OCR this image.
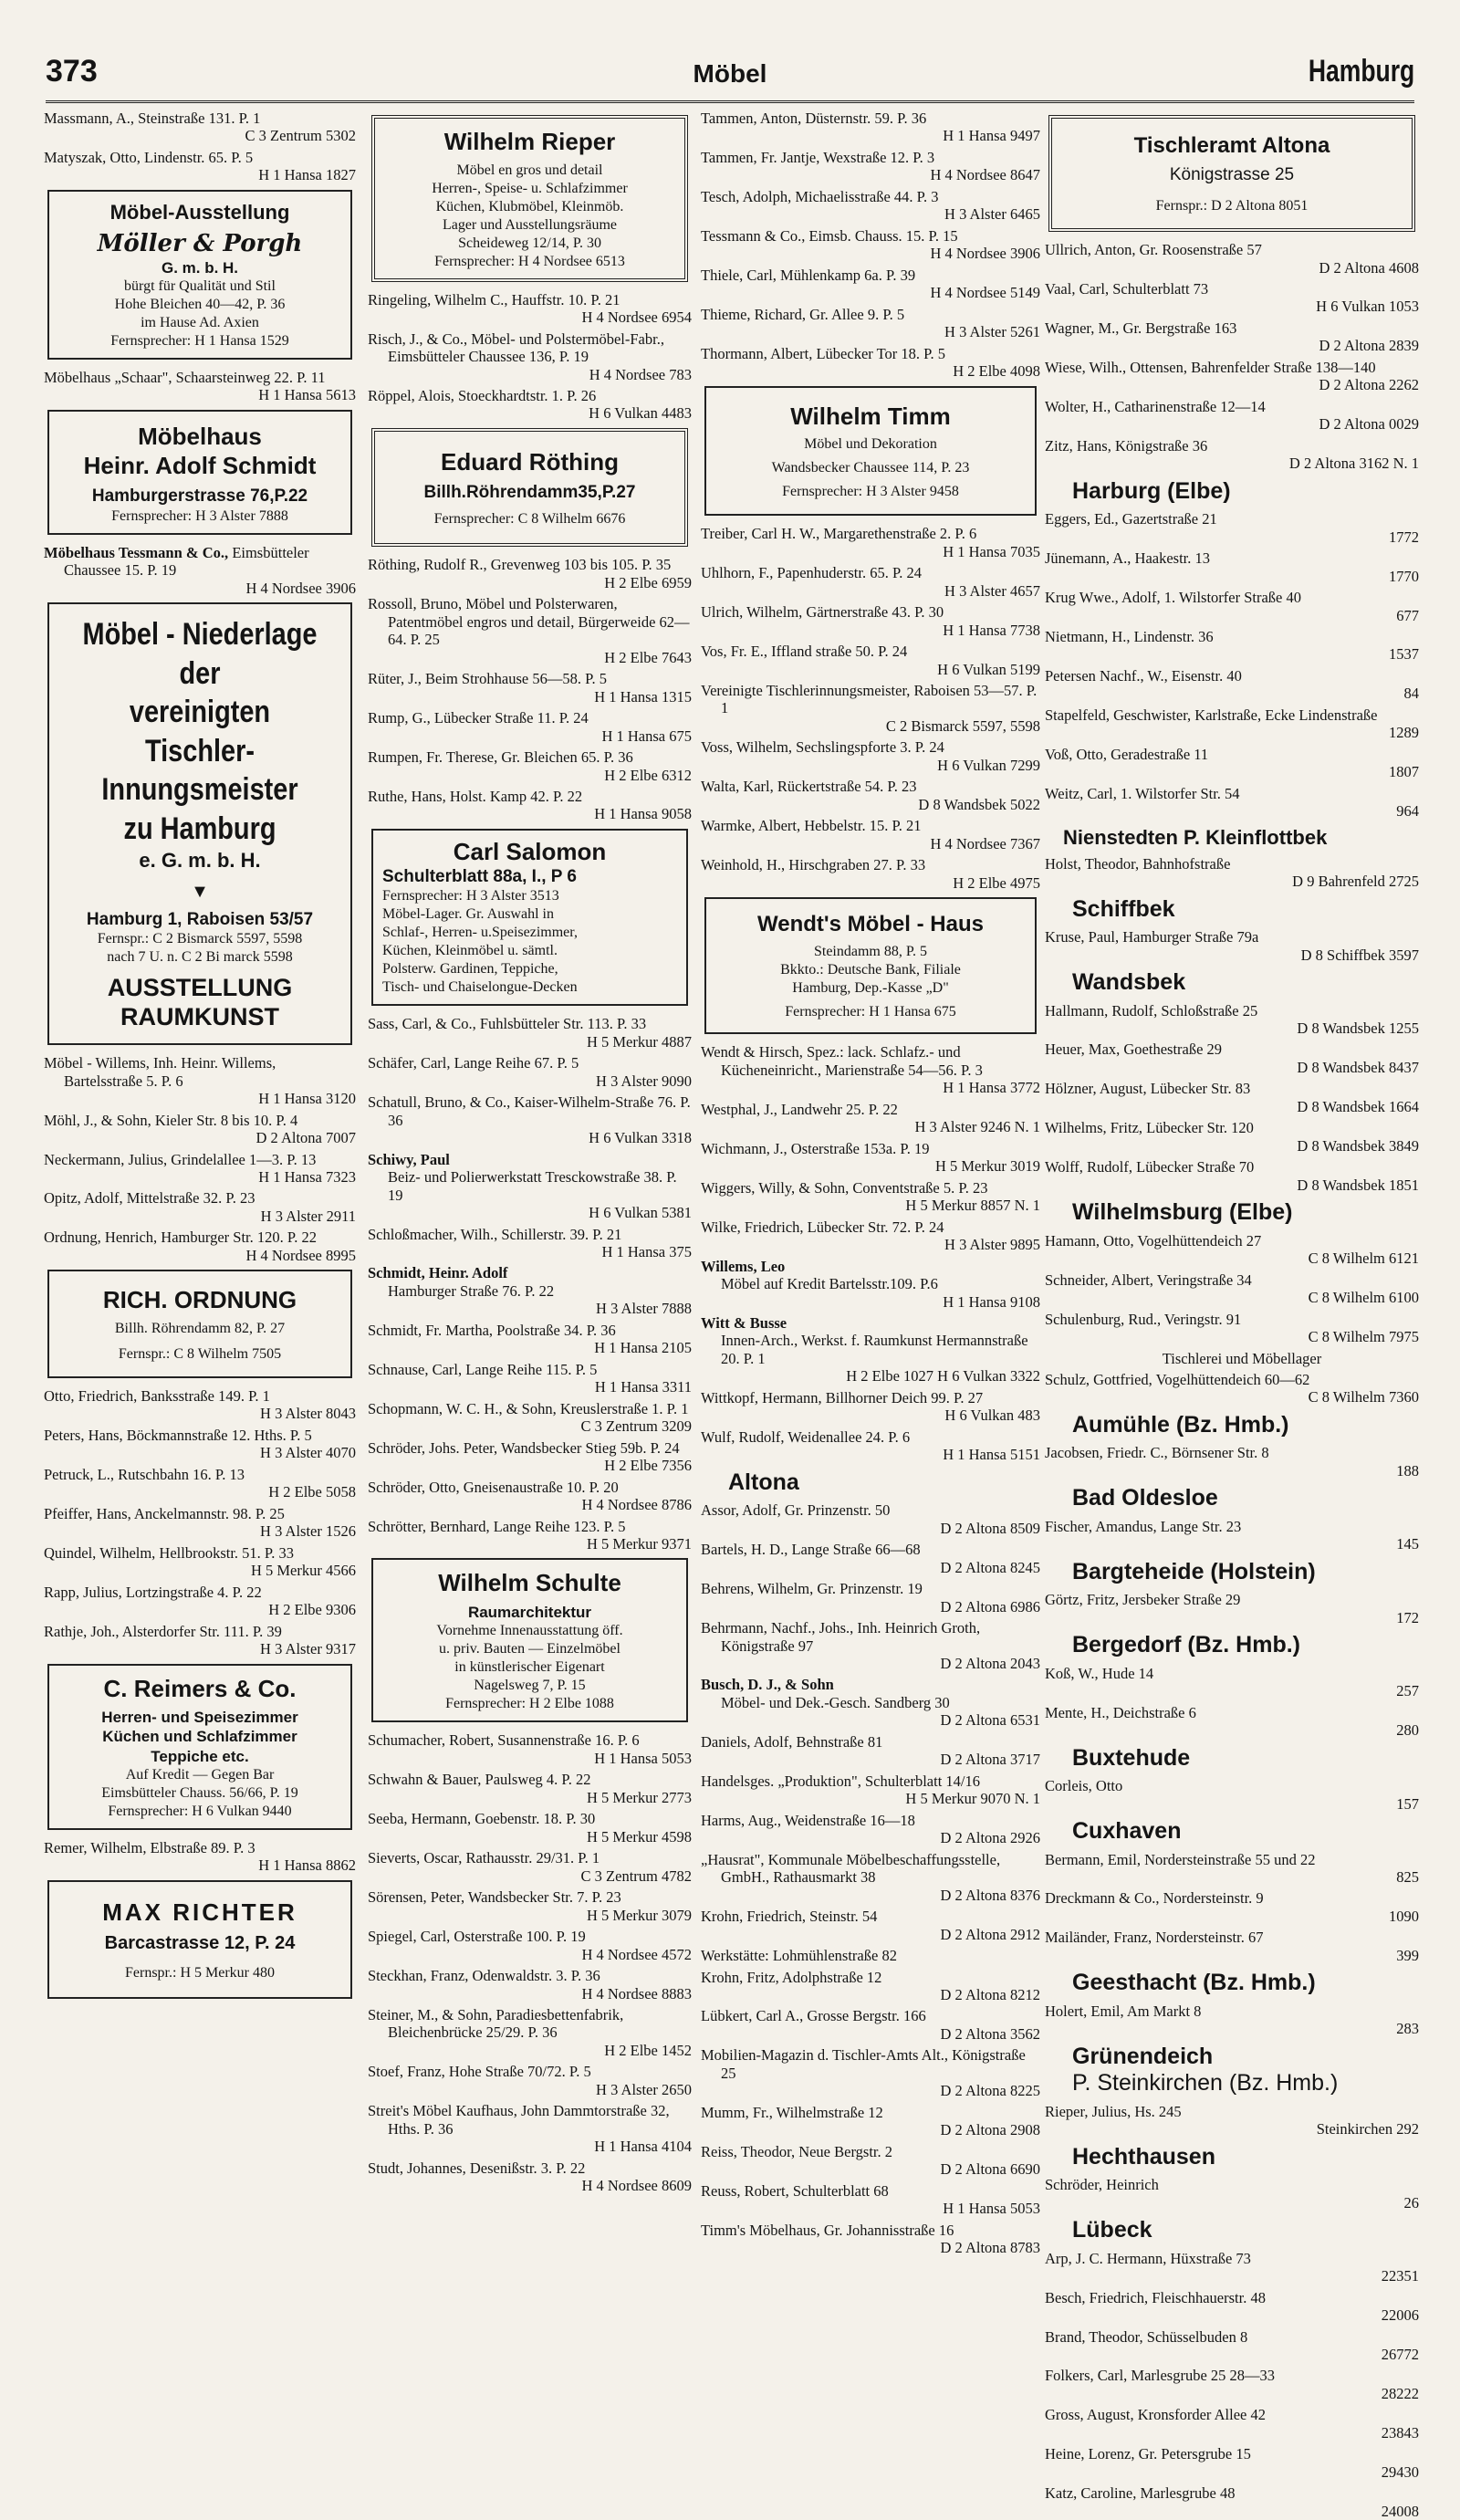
373	Möbel	Hamburg
Massmann, A., Steinstraße 131. P. 1
C 3 Zentrum 5302
Matyszak, Otto, Lindenstr. 65. P. 5
H 1 Hansa 1827
Möbel-Ausstellung
Möller & Porgh
G. m. b. H.
bürgt für Qualität und Stil
Hohe Bleichen 40—42, P. 36
im Hause Ad. Axien
Fernsprecher: H 1 Hansa 1529
Möbelhaus „Schaar", Schaarsteinweg 22. P. 11
H 1 Hansa 5613
Möbelhaus
Heinr. Adolf Schmidt
Hamburgerstrasse 76,P.22
Fernsprecher: H 3 Alster 7888
Möbelhaus Tessmann & Co., Eimsbütteler Chaussee 15. P. 19
H 4 Nordsee 3906
Möbel - Niederlage der
vereinigten Tischler-
Innungsmeister
zu Hamburg
e. G. m. b. H.
▼
Hamburg 1, Raboisen 53/57
Fernspr.: C 2 Bismarck 5597, 5598
nach 7 U. n. C 2 Bi marck 5598
AUSSTELLUNG
RAUMKUNST
Möbel - Willems, Inh. Heinr. Willems, Bartelsstraße 5. P. 6
H 1 Hansa 3120
Möhl, J., & Sohn, Kieler Str. 8 bis 10. P. 4
D 2 Altona 7007
Neckermann, Julius, Grindelallee 1—3. P. 13
H 1 Hansa 7323
Opitz, Adolf, Mittelstraße 32. P. 23
H 3 Alster 2911
Ordnung, Henrich, Hamburger Str. 120. P. 22
H 4 Nordsee 8995
RICH. ORDNUNG
Billh. Röhrendamm 82, P. 27
Fernspr.: C 8 Wilhelm 7505
Otto, Friedrich, Banksstraße 149. P. 1
H 3 Alster 8043
Peters, Hans, Böckmannstraße 12. Hths. P. 5
H 3 Alster 4070
Petruck, L., Rutschbahn 16. P. 13
H 2 Elbe 5058
Pfeiffer, Hans, Anckelmannstr. 98. P. 25
H 3 Alster 1526
Quindel, Wilhelm, Hellbrookstr. 51. P. 33
H 5 Merkur 4566
Rapp, Julius, Lortzingstraße 4. P. 22
H 2 Elbe 9306
Rathje, Joh., Alsterdorfer Str. 111. P. 39
H 3 Alster 9317
C. Reimers & Co.
Herren- und Speisezimmer
Küchen und Schlafzimmer
Teppiche etc.
Auf Kredit — Gegen Bar
Eimsbütteler Chauss. 56/66, P. 19
Fernsprecher: H 6 Vulkan 9440
Remer, Wilhelm, Elbstraße 89. P. 3
H 1 Hansa 8862
MAX RICHTER
Barcastrasse 12, P. 24
Fernspr.: H 5 Merkur 480
Wilhelm Rieper
Möbel en gros und detail
Herren-, Speise- u. Schlafzimmer
Küchen, Klubmöbel, Kleinmöb.
Lager und Ausstellungsräume
Scheideweg 12/14, P. 30
Fernsprecher: H 4 Nordsee 6513
Ringeling, Wilhelm C., Hauffstr. 10. P. 21
H 4 Nordsee 6954
Risch, J., & Co., Möbel- und Polstermöbel-Fabr., Eimsbütteler Chaussee 136, P. 19
H 4 Nordsee 783
Röppel, Alois, Stoeckhardtstr. 1. P. 26
H 6 Vulkan 4483
Eduard Röthing
Billh.Röhrendamm35,P.27
Fernsprecher: C 8 Wilhelm 6676
Röthing, Rudolf R., Grevenweg 103 bis 105. P. 35
H 2 Elbe 6959
Rossoll, Bruno, Möbel und Polsterwaren, Patentmöbel engros und detail, Bürgerweide 62—64. P. 25
H 2 Elbe 7643
Rüter, J., Beim Strohhause 56—58. P. 5
H 1 Hansa 1315
Rump, G., Lübecker Straße 11. P. 24
H 1 Hansa 675
Rumpen, Fr. Therese, Gr. Bleichen 65. P. 36
H 2 Elbe 6312
Ruthe, Hans, Holst. Kamp 42. P. 22
H 1 Hansa 9058
Carl Salomon
Schulterblatt 88a, I., P 6
Fernsprecher: H 3 Alster 3513
Möbel-Lager. Gr. Auswahl in
Schlaf-, Herren- u.Speisezimmer,
Küchen, Kleinmöbel u. sämtl.
Polsterw. Gardinen, Teppiche,
Tisch- und Chaiselongue-Decken
Sass, Carl, & Co., Fuhlsbütteler Str. 113. P. 33
H 5 Merkur 4887
Schäfer, Carl, Lange Reihe 67. P. 5
H 3 Alster 9090
Schatull, Bruno, & Co., Kaiser-Wilhelm-Straße 76. P. 36
H 6 Vulkan 3318
Schiwy, Paul
Beiz- und Polierwerkstatt Tresckowstraße 38. P. 19
H 6 Vulkan 5381
Schloßmacher, Wilh., Schillerstr. 39. P. 21
H 1 Hansa 375
Schmidt, Heinr. Adolf
Hamburger Straße 76. P. 22
H 3 Alster 7888
Schmidt, Fr. Martha, Poolstraße 34. P. 36
H 1 Hansa 2105
Schnause, Carl, Lange Reihe 115. P. 5
H 1 Hansa 3311
Schopmann, W. C. H., & Sohn, Kreuslerstraße 1. P. 1
C 3 Zentrum 3209
Schröder, Johs. Peter, Wandsbecker Stieg 59b. P. 24
H 2 Elbe 7356
Schröder, Otto, Gneisenaustraße 10. P. 20
H 4 Nordsee 8786
Schrötter, Bernhard, Lange Reihe 123. P. 5
H 5 Merkur 9371
Wilhelm Schulte
Raumarchitektur
Vornehme Innenausstattung öff.
u. priv. Bauten — Einzelmöbel
in künstlerischer Eigenart
Nagelsweg 7, P. 15
Fernsprecher: H 2 Elbe 1088
Schumacher, Robert, Susannenstraße 16. P. 6
H 1 Hansa 5053
Schwahn & Bauer, Paulsweg 4. P. 22
H 5 Merkur 2773
Seeba, Hermann, Goebenstr. 18. P. 30
H 5 Merkur 4598
Sieverts, Oscar, Rathausstr. 29/31. P. 1
C 3 Zentrum 4782
Sörensen, Peter, Wandsbecker Str. 7. P. 23
H 5 Merkur 3079
Spiegel, Carl, Osterstraße 100. P. 19
H 4 Nordsee 4572
Steckhan, Franz, Odenwaldstr. 3. P. 36
H 4 Nordsee 8883
Steiner, M., & Sohn, Paradiesbettenfabrik, Bleichenbrücke 25/29. P. 36
H 2 Elbe 1452
Stoef, Franz, Hohe Straße 70/72. P. 5
H 3 Alster 2650
Streit's Möbel Kaufhaus, John Dammtorstraße 32, Hths. P. 36
H 1 Hansa 4104
Studt, Johannes, Desenißstr. 3. P. 22
H 4 Nordsee 8609
Tammen, Anton, Düsternstr. 59. P. 36
H 1 Hansa 9497
Tammen, Fr. Jantje, Wexstraße 12. P. 3
H 4 Nordsee 8647
Tesch, Adolph, Michaelisstraße 44. P. 3
H 3 Alster 6465
Tessmann & Co., Eimsb. Chauss. 15. P. 15
H 4 Nordsee 3906
Thiele, Carl, Mühlenkamp 6a. P. 39
H 4 Nordsee 5149
Thieme, Richard, Gr. Allee 9. P. 5
H 3 Alster 5261
Thormann, Albert, Lübecker Tor 18. P. 5
H 2 Elbe 4098
Wilhelm Timm
Möbel und Dekoration
Wandsbecker Chaussee 114, P. 23
Fernsprecher: H 3 Alster 9458
Treiber, Carl H. W., Margarethenstraße 2. P. 6
H 1 Hansa 7035
Uhlhorn, F., Papenhuderstr. 65. P. 24
H 3 Alster 4657
Ulrich, Wilhelm, Gärtnerstraße 43. P. 30
H 1 Hansa 7738
Vos, Fr. E., Iffland straße 50. P. 24
H 6 Vulkan 5199
Vereinigte Tischlerinnungsmeister, Raboisen 53—57. P. 1
C 2 Bismarck 5597, 5598
Voss, Wilhelm, Sechslingspforte 3. P. 24
H 6 Vulkan 7299
Walta, Karl, Rückertstraße 54. P. 23
D 8 Wandsbek 5022
Warmke, Albert, Hebbelstr. 15. P. 21
H 4 Nordsee 7367
Weinhold, H., Hirschgraben 27. P. 33
H 2 Elbe 4975
Wendt's Möbel - Haus
Steindamm 88, P. 5
Bkkto.: Deutsche Bank, Filiale
Hamburg, Dep.-Kasse „D"
Fernsprecher: H 1 Hansa 675
Wendt & Hirsch, Spez.: lack. Schlafz.- und Kücheneinricht., Marienstraße 54—56. P. 3
H 1 Hansa 3772
Westphal, J., Landwehr 25. P. 22
H 3 Alster 9246 N. 1
Wichmann, J., Osterstraße 153a. P. 19
H 5 Merkur 3019
Wiggers, Willy, & Sohn, Conventstraße 5. P. 23
H 5 Merkur 8857 N. 1
Wilke, Friedrich, Lübecker Str. 72. P. 24
H 3 Alster 9895
Willems, Leo
Möbel auf Kredit Bartelsstr.109. P.6
H 1 Hansa 9108
Witt & Busse
Innen-Arch., Werkst. f. Raumkunst Hermannstraße 20. P. 1
H 2 Elbe 1027 H 6 Vulkan 3322
Wittkopf, Hermann, Billhorner Deich 99. P. 27
H 6 Vulkan 483
Wulf, Rudolf, Weidenallee 24. P. 6
H 1 Hansa 5151
Altona
Assor, Adolf, Gr. Prinzenstr. 50
D 2 Altona 8509
Bartels, H. D., Lange Straße 66—68
D 2 Altona 8245
Behrens, Wilhelm, Gr. Prinzenstr. 19
D 2 Altona 6986
Behrmann, Nachf., Johs., Inh. Heinrich Groth, Königstraße 97
D 2 Altona 2043
Busch, D. J., & Sohn
Möbel- und Dek.-Gesch. Sandberg 30
D 2 Altona 6531
Daniels, Adolf, Behnstraße 81
D 2 Altona 3717
Handelsges. „Produktion", Schulterblatt 14/16
H 5 Merkur 9070 N. 1
Harms, Aug., Weidenstraße 16—18
D 2 Altona 2926
„Hausrat", Kommunale Möbelbeschaffungsstelle, GmbH., Rathausmarkt 38
D 2 Altona 8376
Krohn, Friedrich, Steinstr. 54
D 2 Altona 2912
Werkstätte: Lohmühlenstraße 82
Krohn, Fritz, Adolphstraße 12
D 2 Altona 8212
Lübkert, Carl A., Grosse Bergstr. 166
D 2 Altona 3562
Mobilien-Magazin d. Tischler-Amts Alt., Königstraße 25
D 2 Altona 8225
Mumm, Fr., Wilhelmstraße 12
D 2 Altona 2908
Reiss, Theodor, Neue Bergstr. 2
D 2 Altona 6690
Reuss, Robert, Schulterblatt 68
H 1 Hansa 5053
Timm's Möbelhaus, Gr. Johannisstraße 16
D 2 Altona 8783
Tischleramt Altona
Königstrasse 25
Fernspr.: D 2 Altona 8051
Ullrich, Anton, Gr. Roosenstraße 57
D 2 Altona 4608
Vaal, Carl, Schulterblatt 73
H 6 Vulkan 1053
Wagner, M., Gr. Bergstraße 163
D 2 Altona 2839
Wiese, Wilh., Ottensen, Bahrenfelder Straße 138—140
D 2 Altona 2262
Wolter, H., Catharinenstraße 12—14
D 2 Altona 0029
Zitz, Hans, Königstraße 36
D 2 Altona 3162 N. 1
Harburg (Elbe)
Eggers, Ed., Gazertstraße 21
1772
Jünemann, A., Haakestr. 13
1770
Krug Wwe., Adolf, 1. Wilstorfer Straße 40
677
Nietmann, H., Lindenstr. 36
1537
Petersen Nachf., W., Eisenstr. 40
84
Stapelfeld, Geschwister, Karlstraße, Ecke Lindenstraße
1289
Voß, Otto, Geradestraße 11
1807
Weitz, Carl, 1. Wilstorfer Str. 54
964
Nienstedten P. Kleinflottbek
Holst, Theodor, Bahnhofstraße
D 9 Bahrenfeld 2725
Schiffbek
Kruse, Paul, Hamburger Straße 79a
D 8 Schiffbek 3597
Wandsbek
Hallmann, Rudolf, Schloßstraße 25
D 8 Wandsbek 1255
Heuer, Max, Goethestraße 29
D 8 Wandsbek 8437
Hölzner, August, Lübecker Str. 83
D 8 Wandsbek 1664
Wilhelms, Fritz, Lübecker Str. 120
D 8 Wandsbek 3849
Wolff, Rudolf, Lübecker Straße 70
D 8 Wandsbek 1851
Wilhelmsburg (Elbe)
Hamann, Otto, Vogelhüttendeich 27
C 8 Wilhelm 6121
Schneider, Albert, Veringstraße 34
C 8 Wilhelm 6100
Schulenburg, Rud., Veringstr. 91
C 8 Wilhelm 7975
Tischlerei und Möbellager
Schulz, Gottfried, Vogelhüttendeich 60—62
C 8 Wilhelm 7360
Aumühle (Bz. Hmb.)
Jacobsen, Friedr. C., Börnsener Str. 8
188
Bad Oldesloe
Fischer, Amandus, Lange Str. 23
145
Bargteheide (Holstein)
Görtz, Fritz, Jersbeker Straße 29
172
Bergedorf (Bz. Hmb.)
Koß, W., Hude 14
257
Mente, H., Deichstraße 6
280
Buxtehude
Corleis, Otto
157
Cuxhaven
Bermann, Emil, Nordersteinstraße 55 und 22
825
Dreckmann & Co., Nordersteinstr. 9
1090
Mailänder, Franz, Nordersteinstr. 67
399
Geesthacht (Bz. Hmb.)
Holert, Emil, Am Markt 8
283
Grünendeich
P. Steinkirchen (Bz. Hmb.)
Rieper, Julius, Hs. 245
Steinkirchen 292
Hechthausen
Schröder, Heinrich
26
Lübeck
Arp, J. C. Hermann, Hüxstraße 73
22351
Besch, Friedrich, Fleischhauerstr. 48
22006
Brand, Theodor, Schüsselbuden 8
26772
Folkers, Carl, Marlesgrube 25 28—33
28222
Gross, August, Kronsforder Allee 42
23843
Heine, Lorenz, Gr. Petersgrube 15
29430
Katz, Caroline, Marlesgrube 48
24008
